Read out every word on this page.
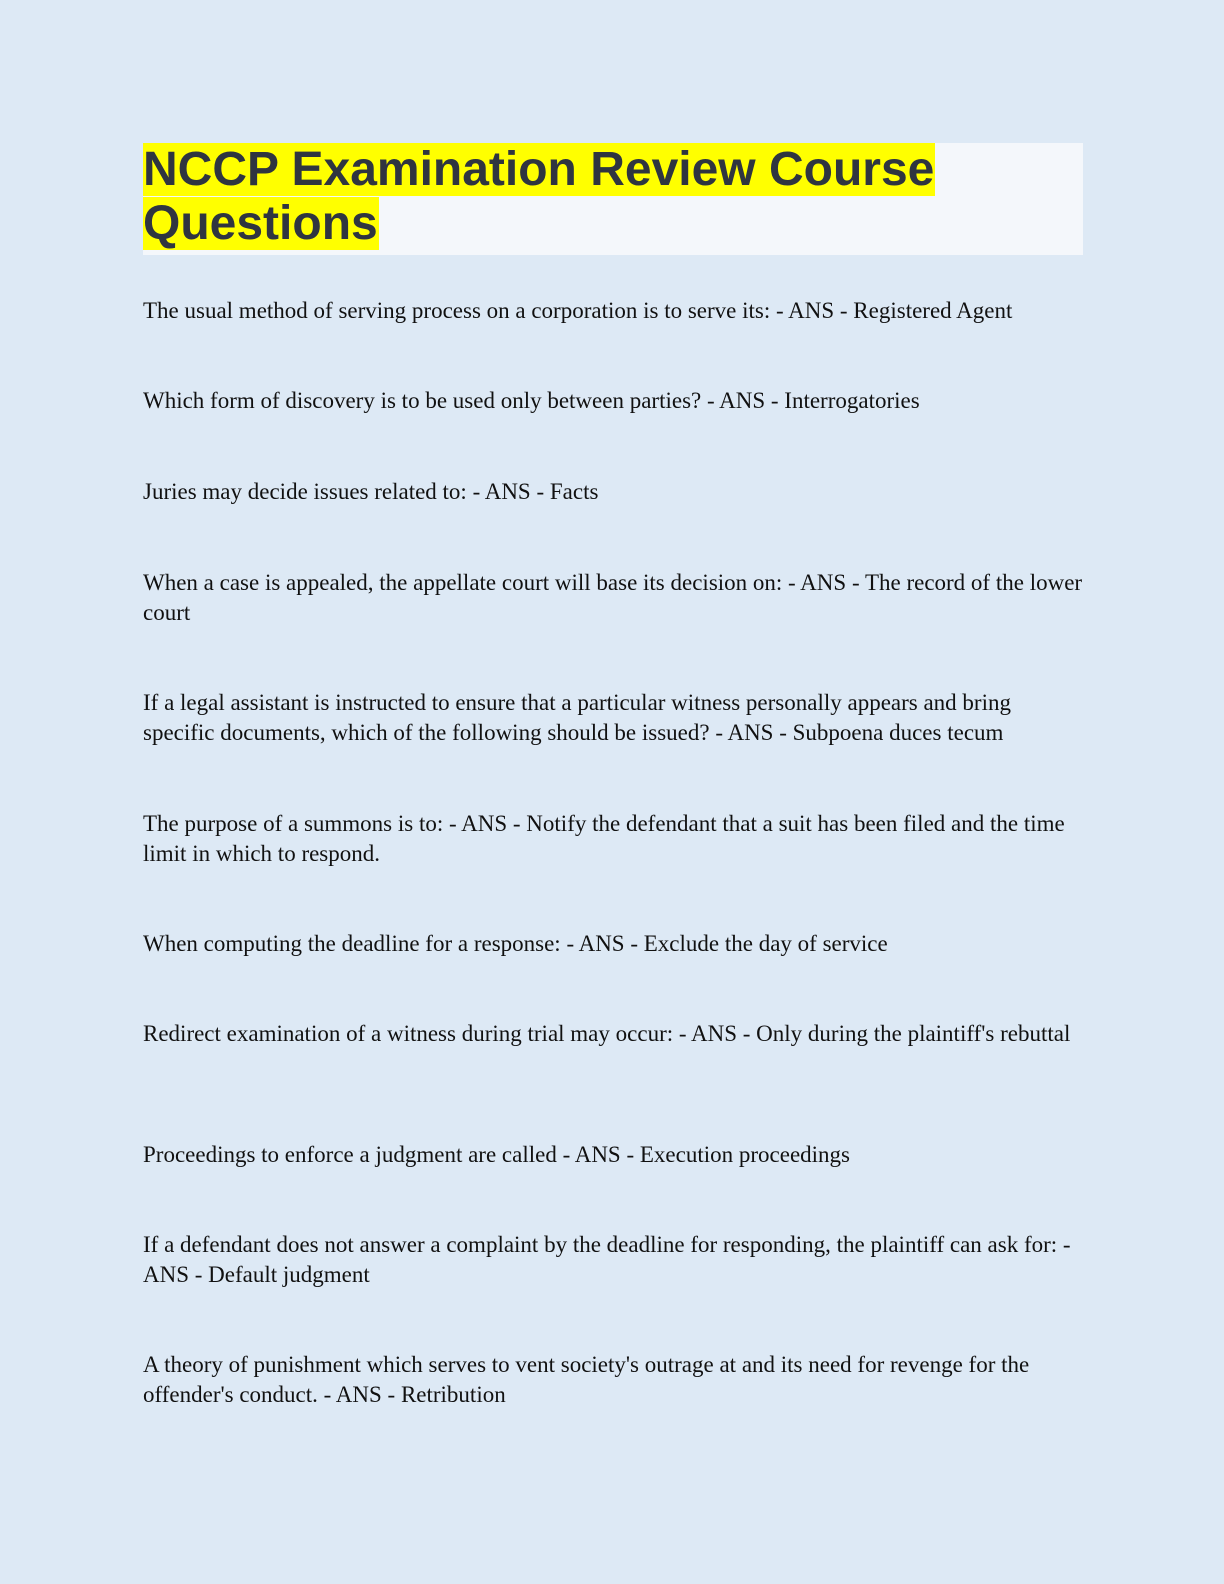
NCCP Examination Review Course Questions

The usual method of serving process on a corporation is to serve its: - ANS - Registered Agent

Which form of discovery is to be used only between parties? - ANS - Interrogatories

Juries may decide issues related to: - ANS - Facts

When a case is appealed, the appellate court will base its decision on: - ANS - The record of the lower court

If a legal assistant is instructed to ensure that a particular witness personally appears and bring specific documents, which of the following should be issued? - ANS - Subpoena duces tecum

The purpose of a summons is to: - ANS - Notify the defendant that a suit has been filed and the time limit in which to respond.

When computing the deadline for a response: - ANS - Exclude the day of service

Redirect examination of a witness during trial may occur: - ANS - Only during the plaintiff's rebuttal

Proceedings to enforce a judgment are called - ANS - Execution proceedings

If a defendant does not answer a complaint by the deadline for responding, the plaintiff can ask for: - ANS - Default judgment

A theory of punishment which serves to vent society's outrage at and its need for revenge for the offender's conduct. - ANS - Retribution
